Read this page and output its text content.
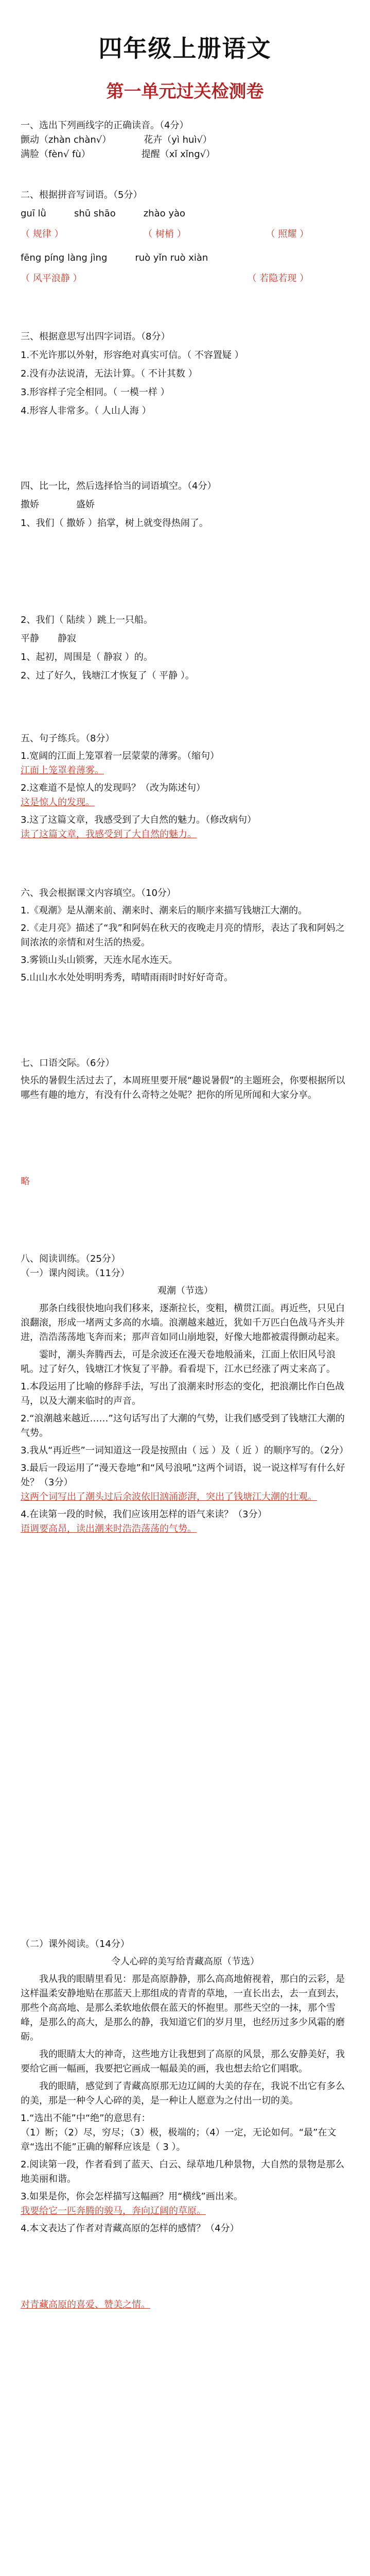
四年级上册语文
第一单元过关检测卷
一、选出下列画线字的正确读音。（4分）
颤动（zhàn chàn√）　　　　花卉（yì huì√）
满脸（fèn√ fù）　　　　　　提醒（xǐ xǐng√）
二、根据拼音写词语。（5分）
guī lǜ　　　shū shāo　　　zhào yào
（ 规律 ）	（ 树梢 ）	（ 照耀 ）
fēng píng làng jìng　　　ruò yǐn ruò xiàn
（ 风平浪静 ）	（ 若隐若现 ）
三、根据意思写出四字词语。（8分）
1.不光许那以外射，形容绝对真实可信。（ 不容置疑 ）
2.没有办法说清，无法计算。（ 不计其数 ）
3.形容样子完全相同。（ 一模一样 ）
4.形容人非常多。（ 人山人海 ）
四、比一比，然后选择恰当的词语填空。（4分）
撒娇　　　　盛娇
1、我们（ 撒娇 ）掐掌，树上就变得热闹了。
2、我们（ 陆续 ）跳上一只船。
平静　　静寂
1、起初，周围是（ 静寂 ）的。
2、过了好久，钱塘江才恢复了（ 平静 ）。
五、句子练兵。（8分）
1.宽阔的江面上笼罩着一层蒙蒙的薄雾。（缩句）
江面上笼罩着薄雾。
2.这难道不是惊人的发现吗？（改为陈述句）
这是惊人的发现。
3.这了这篇文章，我感受到了大自然的魅力。（修改病句）
读了这篇文章，我感受到了大自然的魅力。
六、我会根据课文内容填空。（10分）
1.《观潮》是从潮来前、潮来时、潮来后的顺序来描写钱塘江大潮的。
2.《走月亮》描述了“我”和阿妈在秋天的夜晚走月亮的情形，表达了我和阿妈之间浓浓的亲情和对生活的热爱。
3.雾锁山头山锁雾，天连水尾水连天。
5.山山水水处处明明秀秀，晴晴雨雨时时好好奇奇。
七、口语交际。（6分）
快乐的暑假生活过去了，本周班里要开展“趣说暑假”的主题班会，你要根据所以哪些有趣的地方，有没有什么奇特之处呢？把你的所见所闻和大家分享。
略
八、阅读训练。（25分）
（一）课内阅读。（11分）
观潮（节选）
那条白线很快地向我们移来，逐渐拉长，变粗，横贯江面。再近些，只见白浪翻滚，形成一堵两丈多高的水墙。浪潮越来越近，犹如千万匹白色战马齐头并进，浩浩荡荡地飞奔而来；那声音如同山崩地裂，好像大地都被震得颤动起来。
霎时，潮头奔腾西去，可是余波还在漫天卷地般涌来，江面上依旧风号浪吼。过了好久，钱塘江才恢复了平静。看看堤下，江水已经涨了两丈来高了。
1.本段运用了比喻的修辞手法，写出了浪潮来时形态的变化，把浪潮比作白色战马，以及大潮来临时的声音。
2.“浪潮越来越近……”这句话写出了大潮的气势，让我们感受到了钱塘江大潮的气势。
3.我从“再近些”一词知道这一段是按照由（ 远 ）及（ 近 ）的顺序写的。（2分）
3.最后一段运用了“漫天卷地”和“风号浪吼”这两个词语，说一说这样写有什么好处？（3分）
这两个词写出了潮头过后余波依旧汹涌澎湃，突出了钱塘江大潮的壮观。
4.在读第一段的时候，我们应该用怎样的语气来读？（3分）
语调要高昂，读出潮来时浩浩荡荡的气势。
（二）课外阅读。（14分）
令人心碎的美写给青藏高原（节选）
我从我的眼睛里看见：那是高原静静，那么高高地俯视着，那白的云彩，是这样温柔安静地贴在那蓝天上那组成的青青的草地，一直长出去，去一直到去，那些个高高地、是那么柔软地依偎在蓝天的怀抱里。那些天空的一抹，那个雪峰，是那么的高大，是那么的静，我知道它们的岁月里，也经历过多少风霜的磨砺。
我的眼睛太大的神奇，这些地方让我想到了高原的风景，那么安静美好，我要给它画一幅画，我要把它画成一幅最美的画，我也想去给它们唱歌。
我的眼睛，感觉到了青藏高原那无边辽阔的大美的存在，我说不出它有多么的美，那是一种令人心碎的美，是一种让人愿意为之付出一切的美。
1.“选出不能”中“绝”的意思有：
（1）断；（2）尽，穷尽；（3）极，极端的；（4）一定，无论如何。“最”在文章“选出不能”正确的解释应该是（ 3 ）。
2.阅读第一段，作者看到了蓝天、白云、绿草地几种景物，大自然的景物是那么地美丽和谐。
3.如果是你，你会怎样描写这幅画？用“横线”画出来。
我要给它一匹奔腾的骏马，奔向辽阔的草原。
4.本文表达了作者对青藏高原的怎样的感情？（4分）
对青藏高原的喜爱、赞美之情。
